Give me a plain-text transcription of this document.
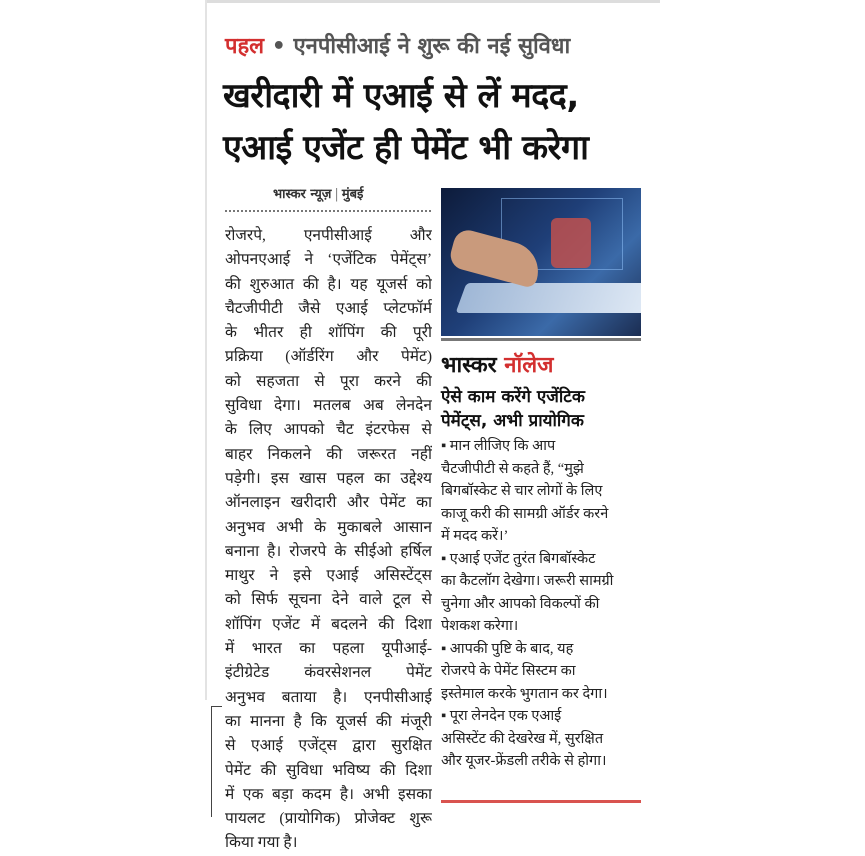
पहल • एनपीसीआई ने शुरू की नई सुविधा
खरीदारी में एआई से लें मदद,
एआई एजेंट ही पेमेंट भी करेगा
भास्कर न्यूज़ | मुंबई
रोजरपे, एनपीसीआई और
ओपनएआई ने ‘एजेंटिक पेमेंट्स’
की शुरुआत की है। यह यूजर्स को
चैटजीपीटी जैसे एआई प्लेटफॉर्म
के भीतर ही शॉपिंग की पूरी
प्रक्रिया (ऑर्डरिंग और पेमेंट)
को सहजता से पूरा करने की
सुविधा देगा। मतलब अब लेनदेन
के लिए आपको चैट इंटरफेस से
बाहर निकलने की जरूरत नहीं
पड़ेगी। इस खास पहल का उद्देश्य
ऑनलाइन खरीदारी और पेमेंट का
अनुभव अभी के मुकाबले आसान
बनाना है। रोजरपे के सीईओ हर्षिल
माथुर ने इसे एआई असिस्टेंट्स
को सिर्फ सूचना देने वाले टूल से
शॉपिंग एजेंट में बदलने की दिशा
में भारत का पहला यूपीआई-
इंटीग्रेटेड कंवरसेशनल पेमेंट
अनुभव बताया है। एनपीसीआई
का मानना है कि यूजर्स की मंजूरी
से एआई एजेंट्स द्वारा सुरक्षित
पेमेंट की सुविधा भविष्य की दिशा
में एक बड़ा कदम है। अभी इसका
पायलट (प्रायोगिक) प्रोजेक्ट शुरू
किया गया है।
भास्कर नॉलेज
ऐसे काम करेंगे एजेंटिक
पेमेंट्स, अभी प्रायोगिक
▪ मान लीजिए कि आप
चैटजीपीटी से कहते हैं, “मुझे
बिगबॉस्केट से चार लोगों के लिए
काजू करी की सामग्री ऑर्डर करने
में मदद करें।’
▪ एआई एजेंट तुरंत बिगबॉस्केट
का कैटलॉग देखेगा। जरूरी सामग्री
चुनेगा और आपको विकल्पों की
पेशकश करेगा।
▪ आपकी पुष्टि के बाद, यह
रोजरपे के पेमेंट सिस्टम का
इस्तेमाल करके भुगतान कर देगा।
▪ पूरा लेनदेन एक एआई
असिस्टेंट की देखरेख में, सुरक्षित
और यूजर-फ्रेंडली तरीके से होगा।
